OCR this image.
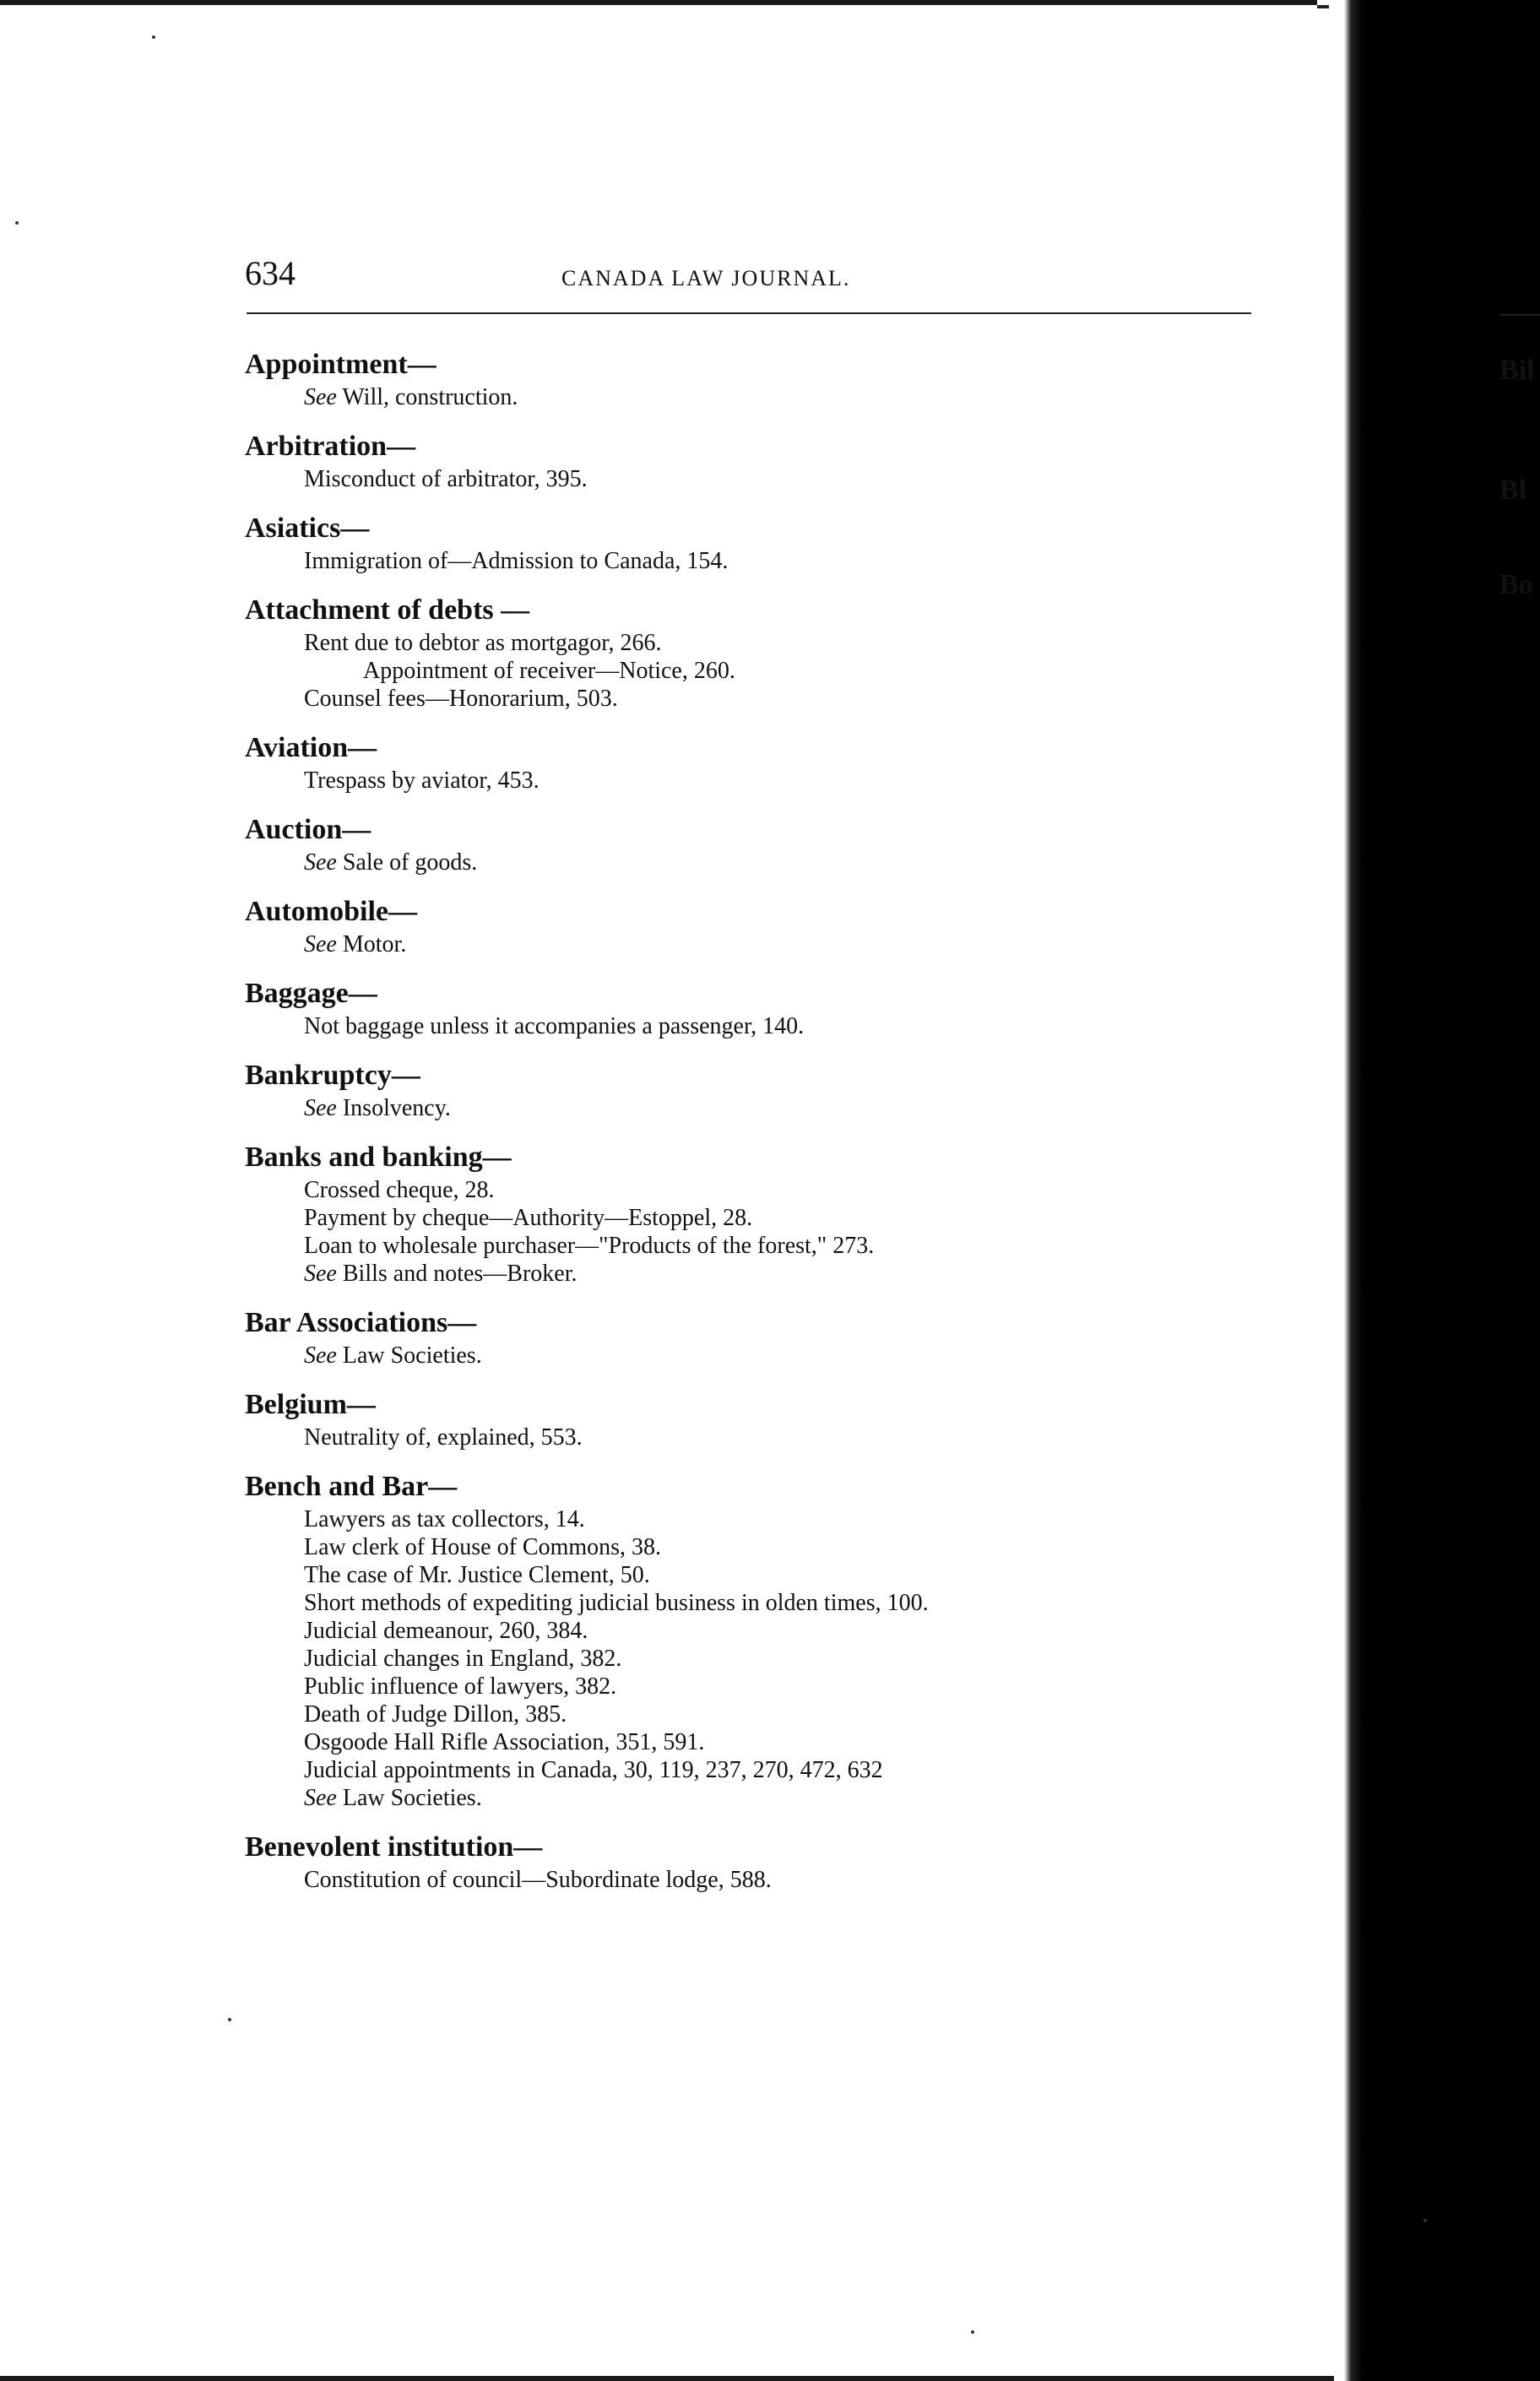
634	CANADA LAW JOURNAL.
Bil
Bl
Bo
Appointment—
See Will, construction.
Arbitration—
Misconduct of arbitrator, 395.
Asiatics—
Immigration of—Admission to Canada, 154.
Attachment of debts —
Rent due to debtor as mortgagor, 266.
Appointment of receiver—Notice, 260.
Counsel fees—Honorarium, 503.
Aviation—
Trespass by aviator, 453.
Auction—
See Sale of goods.
Automobile—
See Motor.
Baggage—
Not baggage unless it accompanies a passenger, 140.
Bankruptcy—
See Insolvency.
Banks and banking—
Crossed cheque, 28.
Payment by cheque—Authority—Estoppel, 28.
Loan to wholesale purchaser—"Products of the forest," 273.
See Bills and notes—Broker.
Bar Associations—
See Law Societies.
Belgium—
Neutrality of, explained, 553.
Bench and Bar—
Lawyers as tax collectors, 14.
Law clerk of House of Commons, 38.
The case of Mr. Justice Clement, 50.
Short methods of expediting judicial business in olden times, 100.
Judicial demeanour, 260, 384.
Judicial changes in England, 382.
Public influence of lawyers, 382.
Death of Judge Dillon, 385.
Osgoode Hall Rifle Association, 351, 591.
Judicial appointments in Canada, 30, 119, 237, 270, 472, 632
See Law Societies.
Benevolent institution—
Constitution of council—Subordinate lodge, 588.
